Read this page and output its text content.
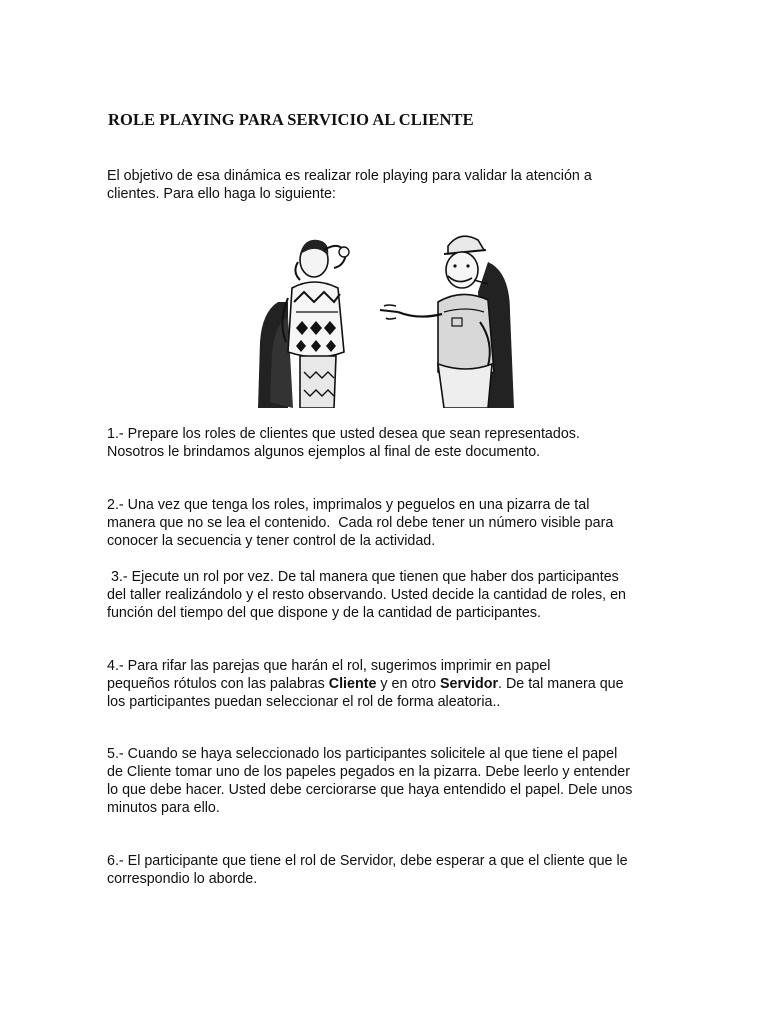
ROLE PLAYING PARA SERVICIO AL CLIENTE

El objetivo de esa dinámica es realizar role playing para validar la atención a
clientes. Para ello haga lo siguiente:

1.- Prepare los roles de clientes que usted desea que sean representados.
Nosotros le brindamos algunos ejemplos al final de este documento.

2.- Una vez que tenga los roles, imprimalos y peguelos en una pizarra de tal
manera que no se lea el contenido.  Cada rol debe tener un número visible para
conocer la secuencia y tener control de la actividad.

3.- Ejecute un rol por vez. De tal manera que tienen que haber dos participantes
del taller realizándolo y el resto observando. Usted decide la cantidad de roles, en
función del tiempo del que dispone y de la cantidad de participantes.

4.- Para rifar las parejas que harán el rol, sugerimos imprimir en papel
pequeños rótulos con las palabras Cliente y en otro Servidor. De tal manera que
los participantes puedan seleccionar el rol de forma aleatoria..

5.- Cuando se haya seleccionado los participantes solicitele al que tiene el papel
de Cliente tomar uno de los papeles pegados en la pizarra. Debe leerlo y entender
lo que debe hacer. Usted debe cerciorarse que haya entendido el papel. Dele unos
minutos para ello.

6.- El participante que tiene el rol de Servidor, debe esperar a que el cliente que le
correspondio lo aborde.
